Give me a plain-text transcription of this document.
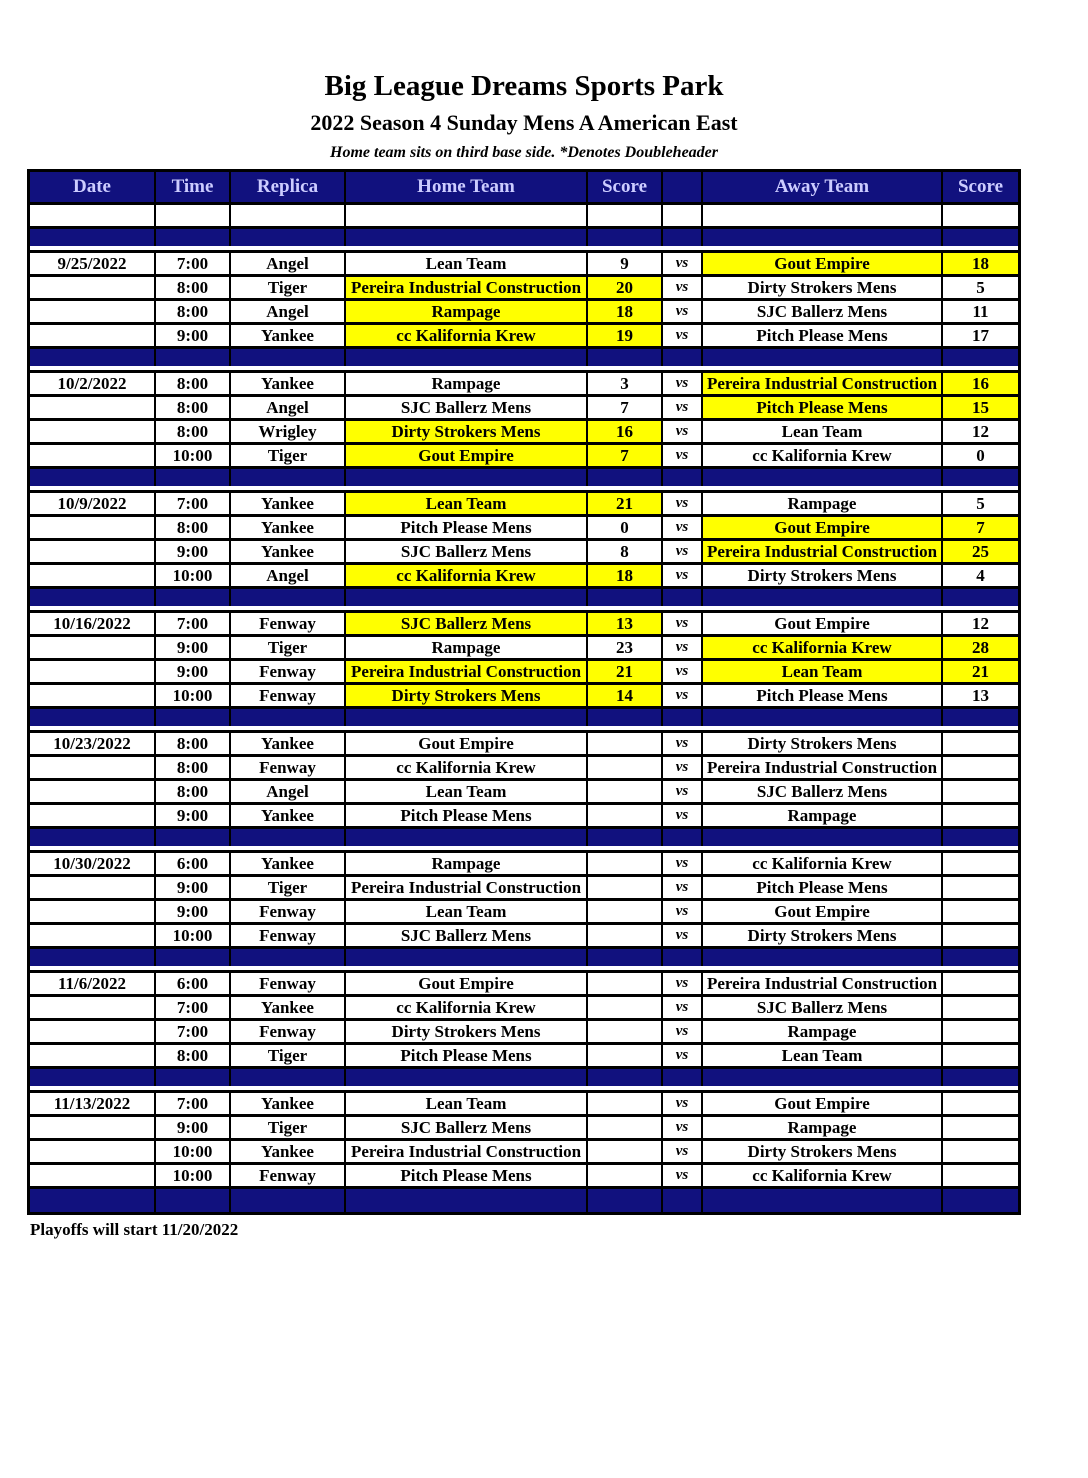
Big League Dreams Sports Park
2022 Season 4 Sunday Mens A American East
Home team sits on third base side. *Denotes Doubleheader
Date	Time	Replica	Home Team	Score	Away Team	Score
9/25/2022	7:00	Angel	Lean Team	9	vs	Gout Empire	18
8:00	Tiger	Pereira Industrial Construction	20	vs	Dirty Strokers Mens	5
8:00	Angel	Rampage	18	vs	SJC Ballerz Mens	11
9:00	Yankee	cc Kalifornia Krew	19	vs	Pitch Please Mens	17
10/2/2022	8:00	Yankee	Rampage	3	vs	Pereira Industrial Construction	16
8:00	Angel	SJC Ballerz Mens	7	vs	Pitch Please Mens	15
8:00	Wrigley	Dirty Strokers Mens	16	vs	Lean Team	12
10:00	Tiger	Gout Empire	7	vs	cc Kalifornia Krew	0
10/9/2022	7:00	Yankee	Lean Team	21	vs	Rampage	5
8:00	Yankee	Pitch Please Mens	0	vs	Gout Empire	7
9:00	Yankee	SJC Ballerz Mens	8	vs	Pereira Industrial Construction	25
10:00	Angel	cc Kalifornia Krew	18	vs	Dirty Strokers Mens	4
10/16/2022	7:00	Fenway	SJC Ballerz Mens	13	vs	Gout Empire	12
9:00	Tiger	Rampage	23	vs	cc Kalifornia Krew	28
9:00	Fenway	Pereira Industrial Construction	21	vs	Lean Team	21
10:00	Fenway	Dirty Strokers Mens	14	vs	Pitch Please Mens	13
10/23/2022	8:00	Yankee	Gout Empire	vs	Dirty Strokers Mens
8:00	Fenway	cc Kalifornia Krew	vs	Pereira Industrial Construction
8:00	Angel	Lean Team	vs	SJC Ballerz Mens
9:00	Yankee	Pitch Please Mens	vs	Rampage
10/30/2022	6:00	Yankee	Rampage	vs	cc Kalifornia Krew
9:00	Tiger	Pereira Industrial Construction	vs	Pitch Please Mens
9:00	Fenway	Lean Team	vs	Gout Empire
10:00	Fenway	SJC Ballerz Mens	vs	Dirty Strokers Mens
11/6/2022	6:00	Fenway	Gout Empire	vs	Pereira Industrial Construction
7:00	Yankee	cc Kalifornia Krew	vs	SJC Ballerz Mens
7:00	Fenway	Dirty Strokers Mens	vs	Rampage
8:00	Tiger	Pitch Please Mens	vs	Lean Team
11/13/2022	7:00	Yankee	Lean Team	vs	Gout Empire
9:00	Tiger	SJC Ballerz Mens	vs	Rampage
10:00	Yankee	Pereira Industrial Construction	vs	Dirty Strokers Mens
10:00	Fenway	Pitch Please Mens	vs	cc Kalifornia Krew
Playoffs will start 11/20/2022
